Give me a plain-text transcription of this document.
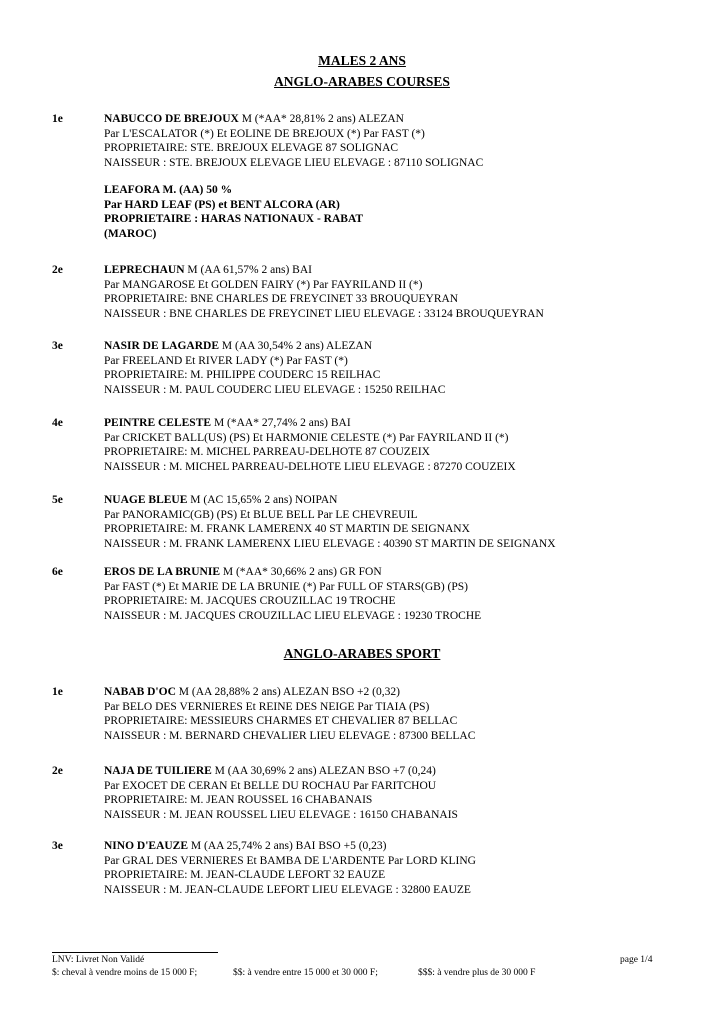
MALES 2 ANS
ANGLO-ARABES COURSES
1e	NABUCCO DE BREJOUX M (*AA* 28,81% 2 ans) ALEZAN
Par L'ESCALATOR (*) Et EOLINE DE BREJOUX (*) Par FAST (*)
PROPRIETAIRE: STE. BREJOUX ELEVAGE 87 SOLIGNAC
NAISSEUR : STE. BREJOUX ELEVAGE LIEU ELEVAGE : 87110 SOLIGNAC
LEAFORA M. (AA) 50 %
Par HARD LEAF (PS) et BENT ALCORA (AR)
PROPRIETAIRE : HARAS NATIONAUX - RABAT
(MAROC)
2e	LEPRECHAUN M (AA 61,57% 2 ans) BAI
Par MANGAROSE Et GOLDEN FAIRY (*) Par FAYRILAND II (*)
PROPRIETAIRE: BNE CHARLES DE FREYCINET 33 BROUQUEYRAN
NAISSEUR : BNE CHARLES DE FREYCINET LIEU ELEVAGE : 33124 BROUQUEYRAN
3e	NASIR DE LAGARDE M (AA 30,54% 2 ans) ALEZAN
Par FREELAND Et RIVER LADY (*) Par FAST (*)
PROPRIETAIRE: M. PHILIPPE COUDERC 15 REILHAC
NAISSEUR : M. PAUL COUDERC LIEU ELEVAGE : 15250 REILHAC
4e	PEINTRE CELESTE M (*AA* 27,74% 2 ans) BAI
Par CRICKET BALL(US) (PS) Et HARMONIE CELESTE (*) Par FAYRILAND II (*)
PROPRIETAIRE: M. MICHEL PARREAU-DELHOTE 87 COUZEIX
NAISSEUR : M. MICHEL PARREAU-DELHOTE LIEU ELEVAGE : 87270 COUZEIX
5e	NUAGE BLEUE M (AC 15,65% 2 ans) NOIPAN
Par PANORAMIC(GB) (PS) Et BLUE BELL Par LE CHEVREUIL
PROPRIETAIRE: M. FRANK LAMERENX 40 ST MARTIN DE SEIGNANX
NAISSEUR : M. FRANK LAMERENX LIEU ELEVAGE : 40390 ST MARTIN DE SEIGNANX
6e	EROS DE LA BRUNIE M (*AA* 30,66% 2 ans) GR FON
Par FAST (*) Et MARIE DE LA BRUNIE (*) Par FULL OF STARS(GB) (PS)
PROPRIETAIRE: M. JACQUES CROUZILLAC 19 TROCHE
NAISSEUR : M. JACQUES CROUZILLAC LIEU ELEVAGE : 19230 TROCHE
ANGLO-ARABES SPORT
1e	NABAB D'OC M (AA 28,88% 2 ans) ALEZAN BSO +2 (0,32)
Par BELO DES VERNIERES Et REINE DES NEIGE Par TIAIA (PS)
PROPRIETAIRE: MESSIEURS CHARMES ET CHEVALIER 87 BELLAC
NAISSEUR : M. BERNARD CHEVALIER LIEU ELEVAGE : 87300 BELLAC
2e	NAJA DE TUILIERE M (AA 30,69% 2 ans) ALEZAN BSO +7 (0,24)
Par EXOCET DE CERAN Et BELLE DU ROCHAU Par FARITCHOU
PROPRIETAIRE: M. JEAN ROUSSEL 16 CHABANAIS
NAISSEUR : M. JEAN ROUSSEL LIEU ELEVAGE : 16150 CHABANAIS
3e	NINO D'EAUZE M (AA 25,74% 2 ans) BAI BSO +5 (0,23)
Par GRAL DES VERNIERES Et BAMBA DE L'ARDENTE Par LORD KLING
PROPRIETAIRE: M. JEAN-CLAUDE LEFORT 32 EAUZE
NAISSEUR : M. JEAN-CLAUDE LEFORT LIEU ELEVAGE : 32800 EAUZE
LNV: Livret Non Validé	page 1/4
$: cheval à vendre moins de 15 000 F;	$$: à vendre entre 15 000 et 30 000 F;	$$$: à vendre plus de 30 000 F
